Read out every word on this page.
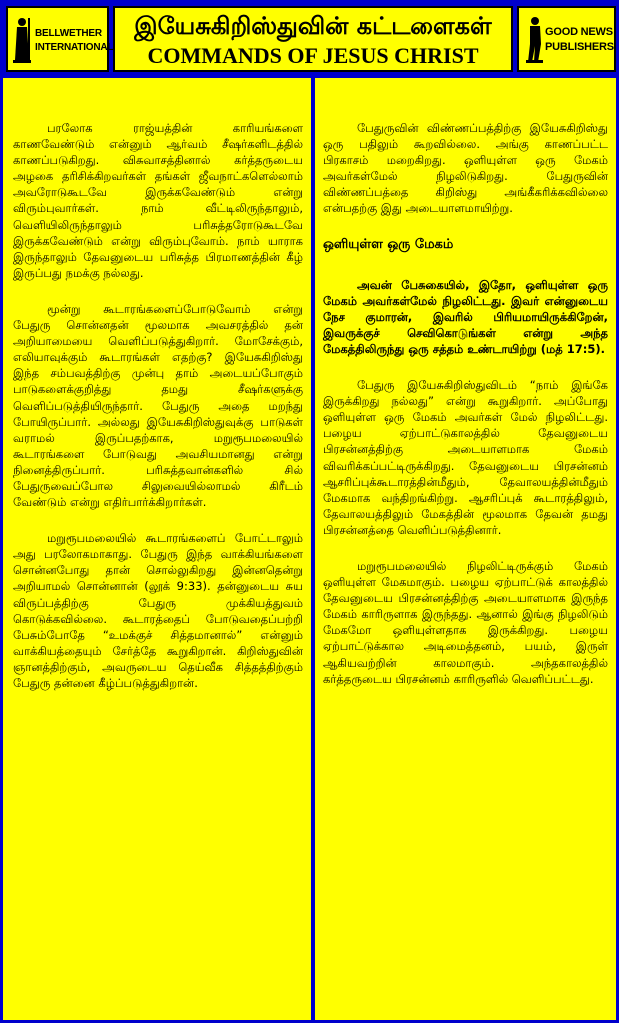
BELLWETHER
INTERNATIONAL
இயேசுகிறிஸ்துவின் கட்டளைகள்
COMMANDS OF JESUS CHRIST
GOOD NEWS
PUBLISHERS

பரலோக ராஜ்யத்தின் காரியங்களை காணவேண்டும் என்னும் ஆர்வம் சீஷர்களிடத்தில் காணப்படுகிறது. விசுவாசத்தினால் கர்த்தருடைய அழகை தரிசிக்கிறவர்கள் தங்கள் ஜீவநாட்களெல்லாம் அவரோடுகூடவே இருக்கவேண்டும் என்று விரும்புவார்கள். நாம் வீட்டிலிருந்தாலும், வெளியிலிருந்தாலும் பரிசுத்தரோடுகூடவே இருக்கவேண்டும் என்று விரும்புவோம். நாம் யாராக இருந்தாலும் தேவனுடைய பரிசுத்த பிரமாணத்தின் கீழ் இருப்பது நமக்கு நல்லது.

மூன்று கூடாரங்களைப்போடுவோம் என்று பேதுரு சொன்னதன் மூலமாக அவசரத்தில் தன் அறியாமையை வெளிப்படுத்துகிறார். மோசேக்கும், எலியாவுக்கும் கூடாரங்கள் எதற்கு? இயேசுகிறிஸ்து இந்த சம்பவத்திற்கு முன்பு தாம் அடையப்போகும் பாடுகளைக்குறித்து தமது சீஷர்களுக்கு வெளிப்படுத்தியிருந்தார். பேதுரு அதை மறந்து போயிருப்பார். அல்லது இயேசுகிறிஸ்துவுக்கு பாடுகள் வராமல் இருப்பதற்காக, மறுரூபமலையில் கூடாரங்களை போடுவது அவசியமானது என்று நினைத்திருப்பார். பரிசுத்தவான்களில் சில் பேதுருவைப்போல சிலுவையில்லாமல் கிரீடம் வேண்டும் என்று எதிர்பார்க்கிறார்கள்.

மறுரூபமலையில் கூடாரங்களைப் போட்டாலும் அது பரலோகமாகாது. பேதுரு இந்த வாக்கியங்களை சொன்னபோது தான் சொல்லுகிறது இன்னதென்று அறியாமல் சொன்னான் (லூக் 9:33). தன்னுடைய சுய விருப்பத்திற்கு பேதுரு முக்கியத்துவம் கொடுக்கவில்லை. கூடாரத்தைப் போடுவதைப்பற்றி பேசும்போதே “உமக்குச் சித்தமானால்” என்னும் வாக்கியத்தையும் சேர்த்தே கூறுகிறான். கிறிஸ்துவின் ஞானத்திற்கும், அவருடைய தெய்வீக சித்தத்திற்கும் பேதுரு தன்னை கீழ்ப்படுத்துகிறான்.

பேதுருவின் விண்ணப்பத்திற்கு இயேசுகிறிஸ்து ஒரு பதிலும் கூறவில்லை. அங்கு காணப்பட்ட பிரகாசம் மறைகிறது. ஒளியுள்ள ஒரு மேகம் அவர்கள்மேல் நிழலிடுகிறது. பேதுருவின் விண்ணப்பத்தை கிறிஸ்து அங்கீகரிக்கவில்லை என்பதற்கு இது அடையாளமாயிற்று.

ஒளியுள்ள ஒரு மேகம்

அவன் பேசுகையில், இதோ, ஒளியுள்ள ஒரு மேகம் அவர்கள்மேல் நிழலிட்டது. இவர் என்னுடைய நேச குமாரன், இவரில் பிரியமாயிருக்கிறேன், இவருக்குச் செவிகொடுங்கள் என்று அந்த மேகத்திலிருந்து ஒரு சத்தம் உண்டாயிற்று (மத் 17:5).

பேதுரு இயேசுகிறிஸ்துவிடம் “நாம் இங்கே இருக்கிறது நல்லது” என்று கூறுகிறார். அப்போது ஒளியுள்ள ஒரு மேகம் அவர்கள் மேல் நிழலிட்டது. பழைய ஏற்பாட்டுகாலத்தில் தேவனுடைய பிரசன்னத்திற்கு அடையாளமாக மேகம் விவரிக்கப்பட்டிருக்கிறது. தேவனுடைய பிரசன்னம் ஆசரிப்புக்கூடாரத்தின்மீதும், தேவாலயத்தின்மீதும் மேகமாக வந்திறங்கிற்று. ஆசரிப்புக் கூடாரத்திலும், தேவாலயத்திலும் மேகத்தின் மூலமாக தேவன் தமது பிரசன்னத்தை வெளிப்படுத்தினார்.

மறுரூபமலையில் நிழலிட்டிருக்கும் மேகம் ஒளியுள்ள மேகமாகும். பழைய ஏற்பாட்டுக் காலத்தில் தேவனுடைய பிரசன்னத்திற்கு அடையாளமாக இருந்த மேகம் காரிருளாக இருந்தது. ஆனால் இங்கு நிழலிடும் மேகமோ ஒளியுள்ளதாக இருக்கிறது. பழைய ஏற்பாட்டுக்கால அடிமைத்தனம், பயம், இருள் ஆகியவற்றின் காலமாகும். அந்தகாலத்தில் கர்த்தருடைய பிரசன்னம் காரிருளில் வெளிப்பட்டது.
